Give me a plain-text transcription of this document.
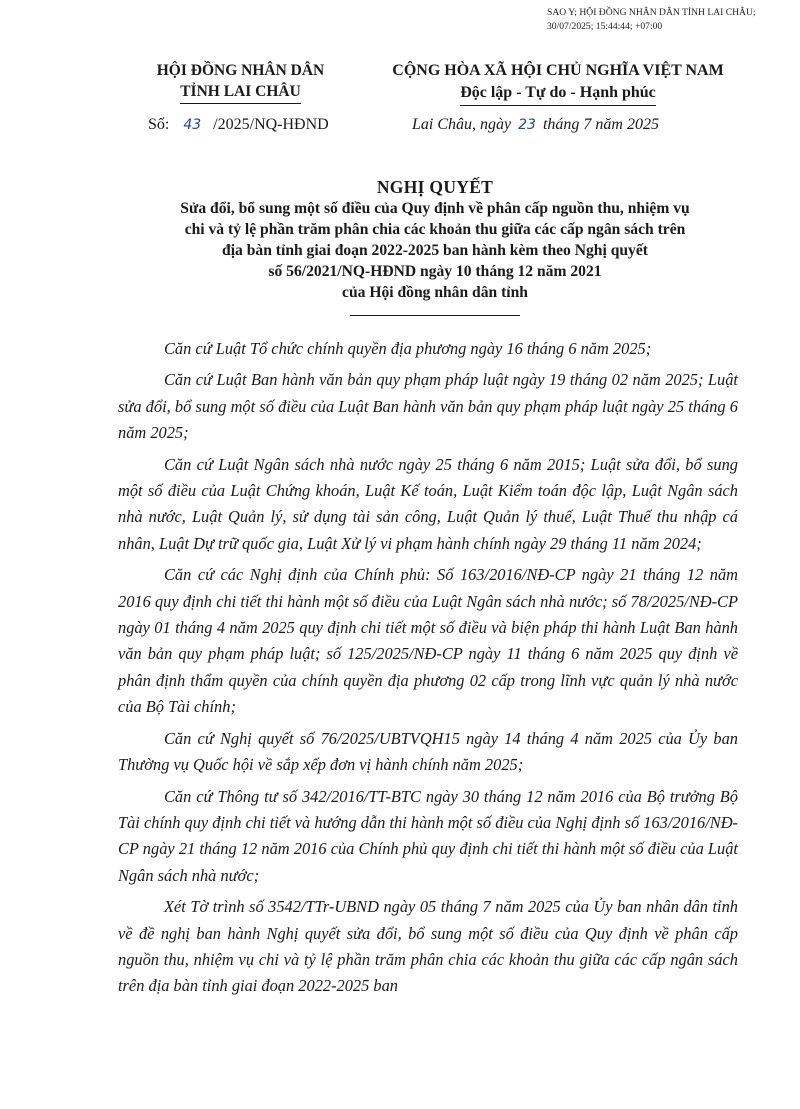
SAO Y; HỘI ĐỒNG NHÂN DÂN TỈNH LAI CHÂU; 30/07/2025; 15:44:44; +07:00
HỘI ĐỒNG NHÂN DÂN
TỈNH LAI CHÂU
CỘNG HÒA XÃ HỘI CHỦ NGHĨA VIỆT NAM
Độc lập - Tự do - Hạnh phúc
Số: 43 /2025/NQ-HĐND	Lai Châu, ngày 23 tháng 7 năm 2025
NGHỊ QUYẾT
Sửa đổi, bổ sung một số điều của Quy định về phân cấp nguồn thu, nhiệm vụ
chi và tỷ lệ phần trăm phân chia các khoản thu giữa các cấp ngân sách trên
địa bàn tỉnh giai đoạn 2022-2025 ban hành kèm theo Nghị quyết
số 56/2021/NQ-HĐND ngày 10 tháng 12 năm 2021
của Hội đồng nhân dân tỉnh

Căn cứ Luật Tổ chức chính quyền địa phương ngày 16 tháng 6 năm 2025;

Căn cứ Luật Ban hành văn bản quy phạm pháp luật ngày 19 tháng 02 năm 2025; Luật sửa đổi, bổ sung một số điều của Luật Ban hành văn bản quy phạm pháp luật ngày 25 tháng 6 năm 2025;

Căn cứ Luật Ngân sách nhà nước ngày 25 tháng 6 năm 2015; Luật sửa đổi, bổ sung một số điều của Luật Chứng khoán, Luật Kế toán, Luật Kiểm toán độc lập, Luật Ngân sách nhà nước, Luật Quản lý, sử dụng tài sản công, Luật Quản lý thuế, Luật Thuế thu nhập cá nhân, Luật Dự trữ quốc gia, Luật Xử lý vi phạm hành chính ngày 29 tháng 11 năm 2024;

Căn cứ các Nghị định của Chính phủ: Số 163/2016/NĐ-CP ngày 21 tháng 12 năm 2016 quy định chi tiết thi hành một số điều của Luật Ngân sách nhà nước; số 78/2025/NĐ-CP ngày 01 tháng 4 năm 2025 quy định chi tiết một số điều và biện pháp thi hành Luật Ban hành văn bản quy phạm pháp luật; số 125/2025/NĐ-CP ngày 11 tháng 6 năm 2025 quy định về phân định thẩm quyền của chính quyền địa phương 02 cấp trong lĩnh vực quản lý nhà nước của Bộ Tài chính;

Căn cứ Nghị quyết số 76/2025/UBTVQH15 ngày 14 tháng 4 năm 2025 của Ủy ban Thường vụ Quốc hội về sắp xếp đơn vị hành chính năm 2025;

Căn cứ Thông tư số 342/2016/TT-BTC ngày 30 tháng 12 năm 2016 của Bộ trưởng Bộ Tài chính quy định chi tiết và hướng dẫn thi hành một số điều của Nghị định số 163/2016/NĐ-CP ngày 21 tháng 12 năm 2016 của Chính phủ quy định chi tiết thi hành một số điều của Luật Ngân sách nhà nước;

Xét Tờ trình số 3542/TTr-UBND ngày 05 tháng 7 năm 2025 của Ủy ban nhân dân tỉnh về đề nghị ban hành Nghị quyết sửa đổi, bổ sung một số điều của Quy định về phân cấp nguồn thu, nhiệm vụ chi và tỷ lệ phần trăm phân chia các khoản thu giữa các cấp ngân sách trên địa bàn tỉnh giai đoạn 2022-2025 ban
